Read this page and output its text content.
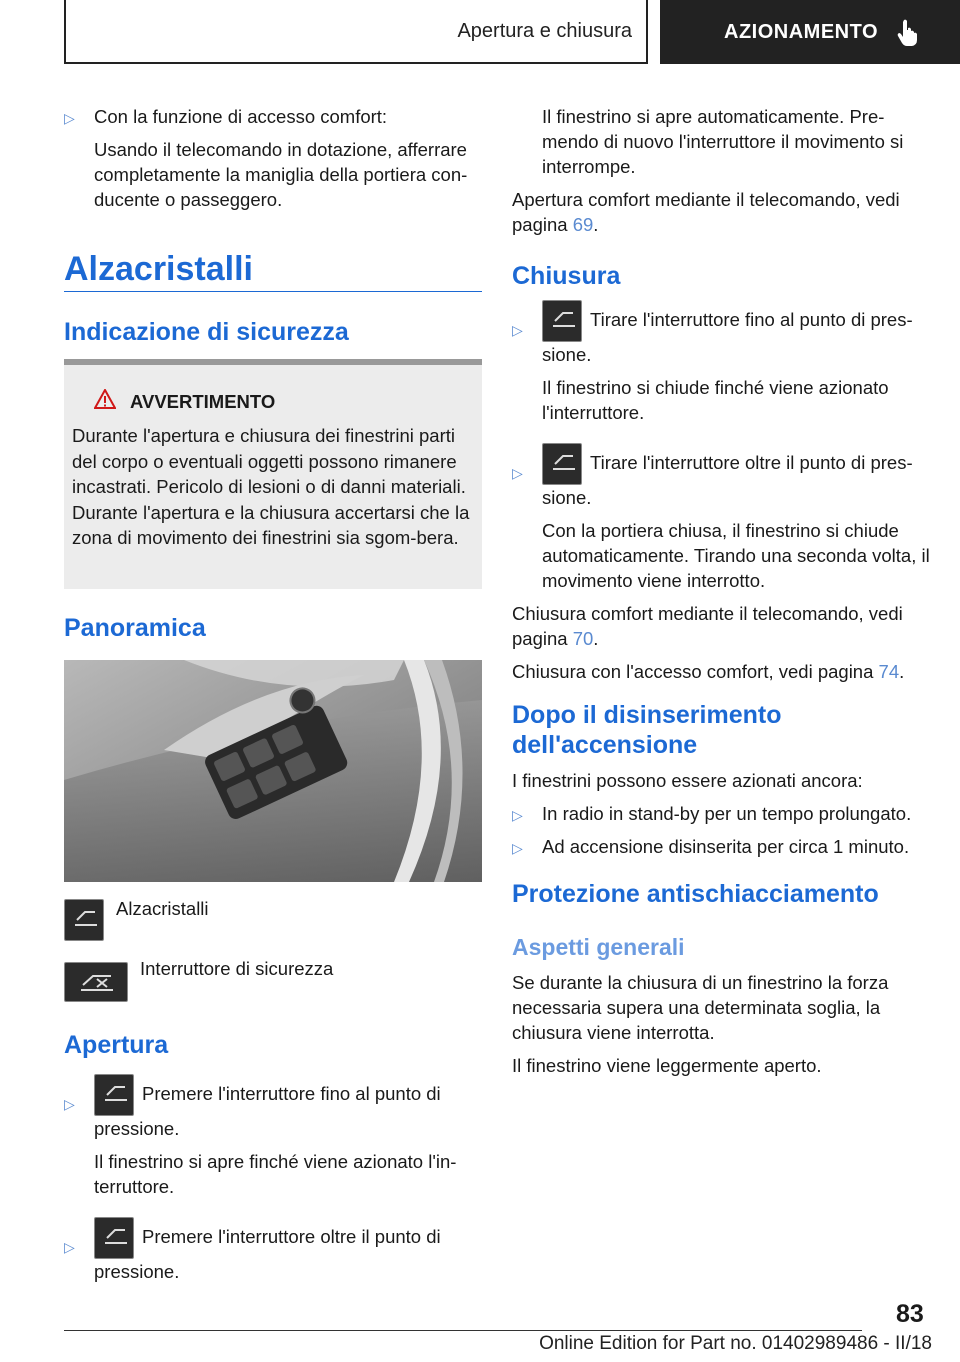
Apertura e chiusura	AZIONAMENTO
▷ Con la funzione di accesso comfort:

Usando il telecomando in dotazione, afferrare completamente la maniglia della portiera con-ducente o passeggero.

Alzacristalli
Indicazione di sicurezza
AVVERTIMENTO

Durante l'apertura e chiusura dei finestrini parti del corpo o eventuali oggetti possono rimanere incastrati. Pericolo di lesioni o di danni materiali. Durante l'apertura e la chiusura accertarsi che la zona di movimento dei finestrini sia sgom-bera.

Panoramica
Alzacristalli
Interruttore di sicurezza
Apertura
▷
Premere l'interruttore fino al punto di pressione.

Il finestrino si apre finché viene azionato l'in-terruttore.

▷
Premere l'interruttore oltre il punto di pressione.

Il finestrino si apre automaticamente. Pre-mendo di nuovo l'interruttore il movimento si interrompe.

Apertura comfort mediante il telecomando, vedi pagina 69.

Chiusura
▷
Tirare l'interruttore fino al punto di pres-sione.

Il finestrino si chiude finché viene azionato l'interruttore.

▷
Tirare l'interruttore oltre il punto di pres-sione.

Con la portiera chiusa, il finestrino si chiude automaticamente. Tirando una seconda volta, il movimento viene interrotto.

Chiusura comfort mediante il telecomando, vedi pagina 70.

Chiusura con l'accesso comfort, vedi pagina 74.

Dopo il disinserimento dell'accensione

I finestrini possono essere azionati ancora:

▷ In radio in stand-by per un tempo prolungato.

▷ Ad accensione disinserita per circa 1 minuto.

Protezione antischiacciamento
Aspetti generali

Se durante la chiusura di un finestrino la forza necessaria supera una determinata soglia, la chiusura viene interrotta.

Il finestrino viene leggermente aperto.

83
Online Edition for Part no. 01402989486 - II/18
